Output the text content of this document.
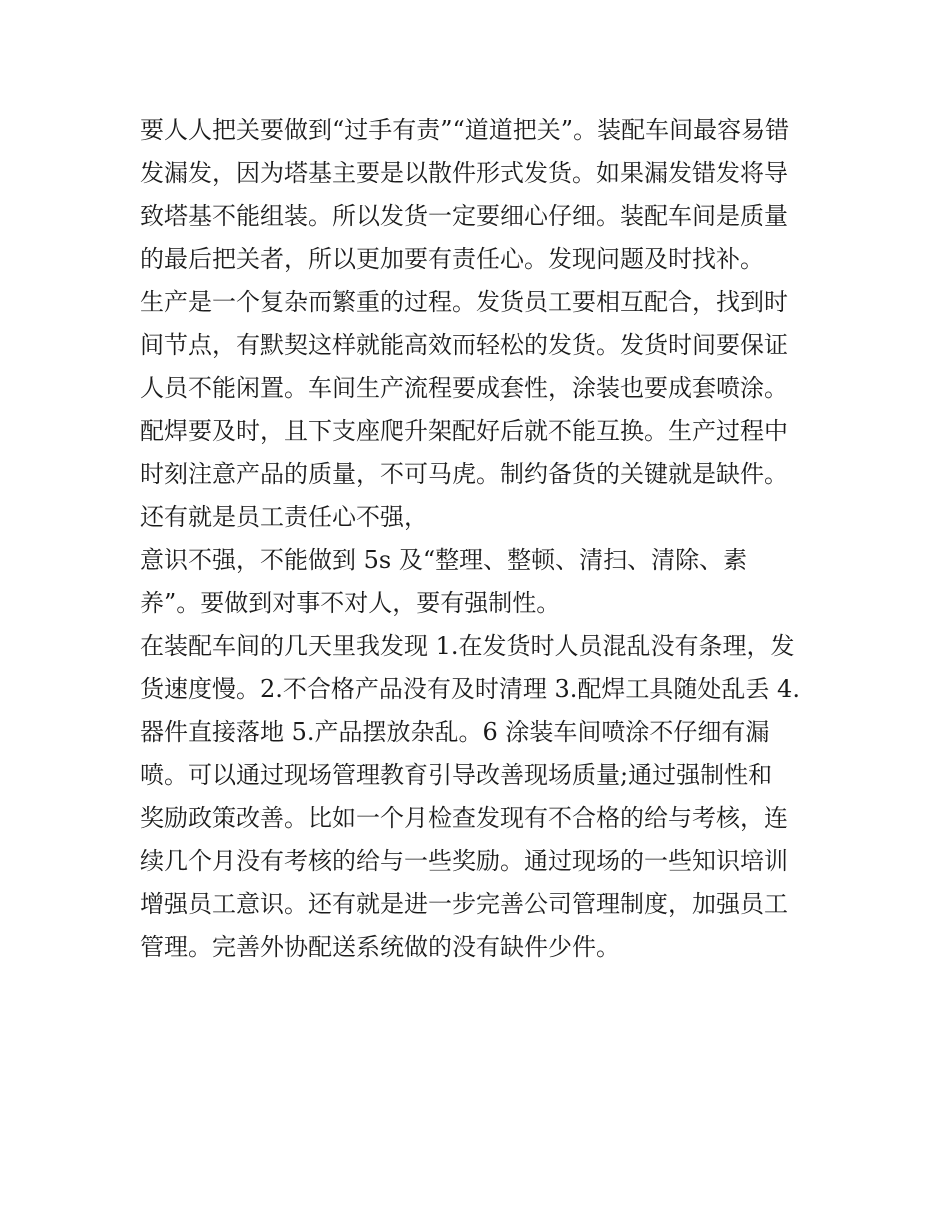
要人人把关要做到“过手有责”“道道把关”。装配车间最容易错
发漏发，因为塔基主要是以散件形式发货。如果漏发错发将导
致塔基不能组装。所以发货一定要细心仔细。装配车间是质量
的最后把关者，所以更加要有责任心。发现问题及时找补。
生产是一个复杂而繁重的过程。发货员工要相互配合，找到时
间节点，有默契这样就能高效而轻松的发货。发货时间要保证
人员不能闲置。车间生产流程要成套性，涂装也要成套喷涂。
配焊要及时，且下支座爬升架配好后就不能互换。生产过程中
时刻注意产品的质量，不可马虎。制约备货的关键就是缺件。
还有就是员工责任心不强，
意识不强，不能做到 5s 及“整理、整顿、清扫、清除、素
养”。要做到对事不对人，要有强制性。
在装配车间的几天里我发现 1.在发货时人员混乱没有条理，发
货速度慢。2.不合格产品没有及时清理 3.配焊工具随处乱丢 4.
器件直接落地 5.产品摆放杂乱。6 涂装车间喷涂不仔细有漏
喷。可以通过现场管理教育引导改善现场质量;通过强制性和
奖励政策改善。比如一个月检查发现有不合格的给与考核，连
续几个月没有考核的给与一些奖励。通过现场的一些知识培训
增强员工意识。还有就是进一步完善公司管理制度，加强员工
管理。完善外协配送系统做的没有缺件少件。
